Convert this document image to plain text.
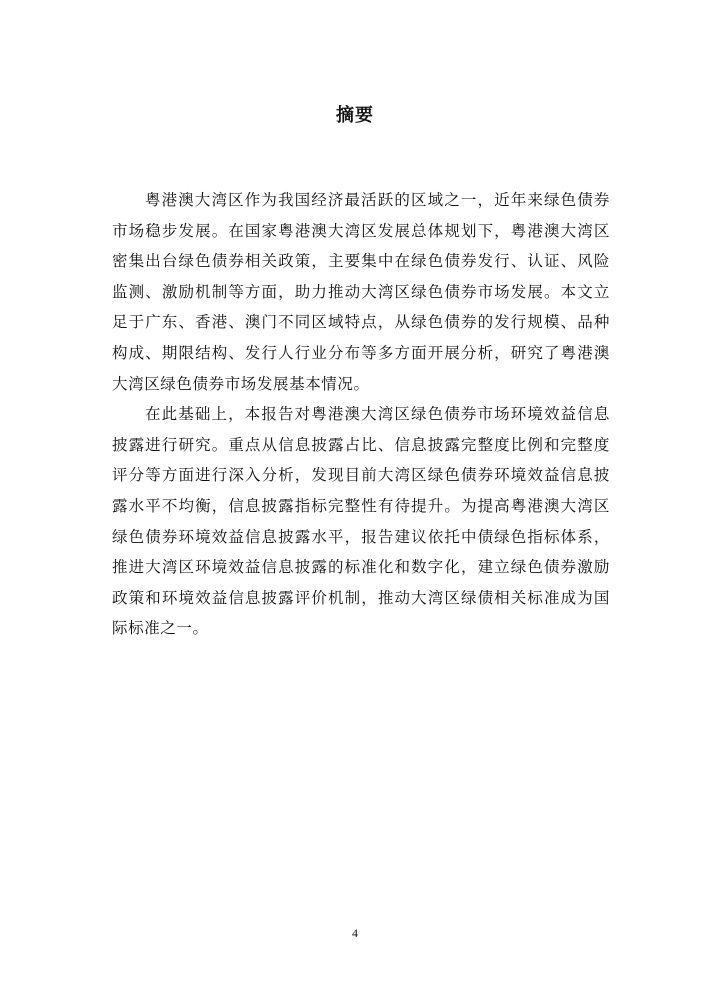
摘要

粤港澳大湾区作为我国经济最活跃的区域之一，近年来绿色债券市场稳步发展。在国家粤港澳大湾区发展总体规划下，粤港澳大湾区密集出台绿色债券相关政策，主要集中在绿色债券发行、认证、风险监测、激励机制等方面，助力推动大湾区绿色债券市场发展。本文立足于广东、香港、澳门不同区域特点，从绿色债券的发行规模、品种构成、期限结构、发行人行业分布等多方面开展分析，研究了粤港澳大湾区绿色债券市场发展基本情况。

在此基础上，本报告对粤港澳大湾区绿色债券市场环境效益信息披露进行研究。重点从信息披露占比、信息披露完整度比例和完整度评分等方面进行深入分析，发现目前大湾区绿色债券环境效益信息披露水平不均衡，信息披露指标完整性有待提升。为提高粤港澳大湾区绿色债券环境效益信息披露水平，报告建议依托中债绿色指标体系，推进大湾区环境效益信息披露的标准化和数字化，建立绿色债券激励政策和环境效益信息披露评价机制，推动大湾区绿债相关标准成为国际标准之一。

4
